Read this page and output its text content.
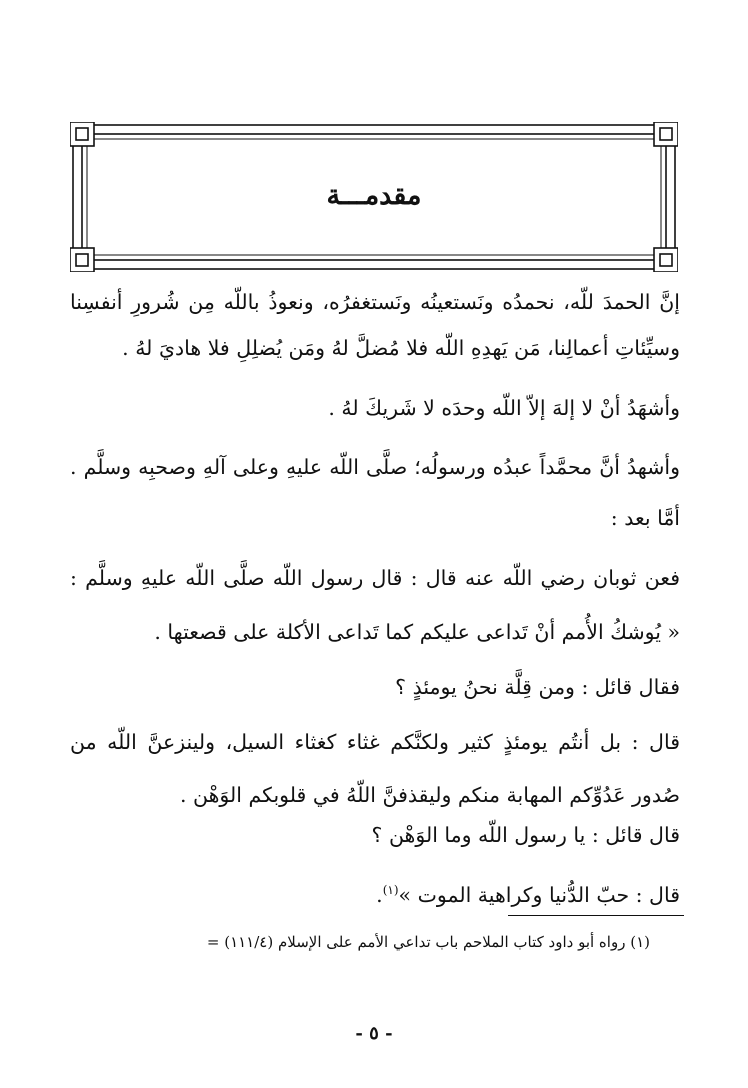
مقدمـــة
إنَّ الحمدَ للّه، نحمدُه ونَستعينُه ونَستغفرُه، ونعوذُ باللّه مِن شُرورِ أنفسِنا
وسيِّئاتِ أعمالِنا، مَن يَهدِهِ اللّه فلا مُضلَّ لهُ ومَن يُضلِلِ فلا هاديَ لهُ .
وأشهَدُ أنْ لا إلهَ إلاّ اللّه وحدَه لا شَريكَ لهُ .
وأشهدُ أنَّ محمَّداً عبدُه ورسولُه؛ صلَّى اللّه عليهِ وعلى آلهِ وصحبِه وسلَّم .
أمَّا بعد :
فعن ثوبان رضي اللّه عنه قال : قال رسول اللّه صلَّى اللّه عليهِ وسلَّم :
« يُوشكُ الأُمم أنْ تَداعى عليكم كما تَداعى الأكلة على قصعتها .
فقال قائل : ومن قِلَّة نحنُ يومئذٍ ؟
قال : بل أنتُم يومئذٍ كثير ولكنَّكم غثاء كغثاء السيل، ولينزعنَّ اللّه من
صُدور عَدُوِّكم المهابة منكم وليقذفنَّ اللّهُ في قلوبكم الوَهْن .
قال قائل : يا رسول اللّه وما الوَهْن ؟
قال : حبّ الدُّنيا وكراهية الموت »$^{(١)}$.
(١) رواه أبو داود كتاب الملاحم باب تداعي الأمم على الإسلام (١١١/٤) =
- ٥ -
